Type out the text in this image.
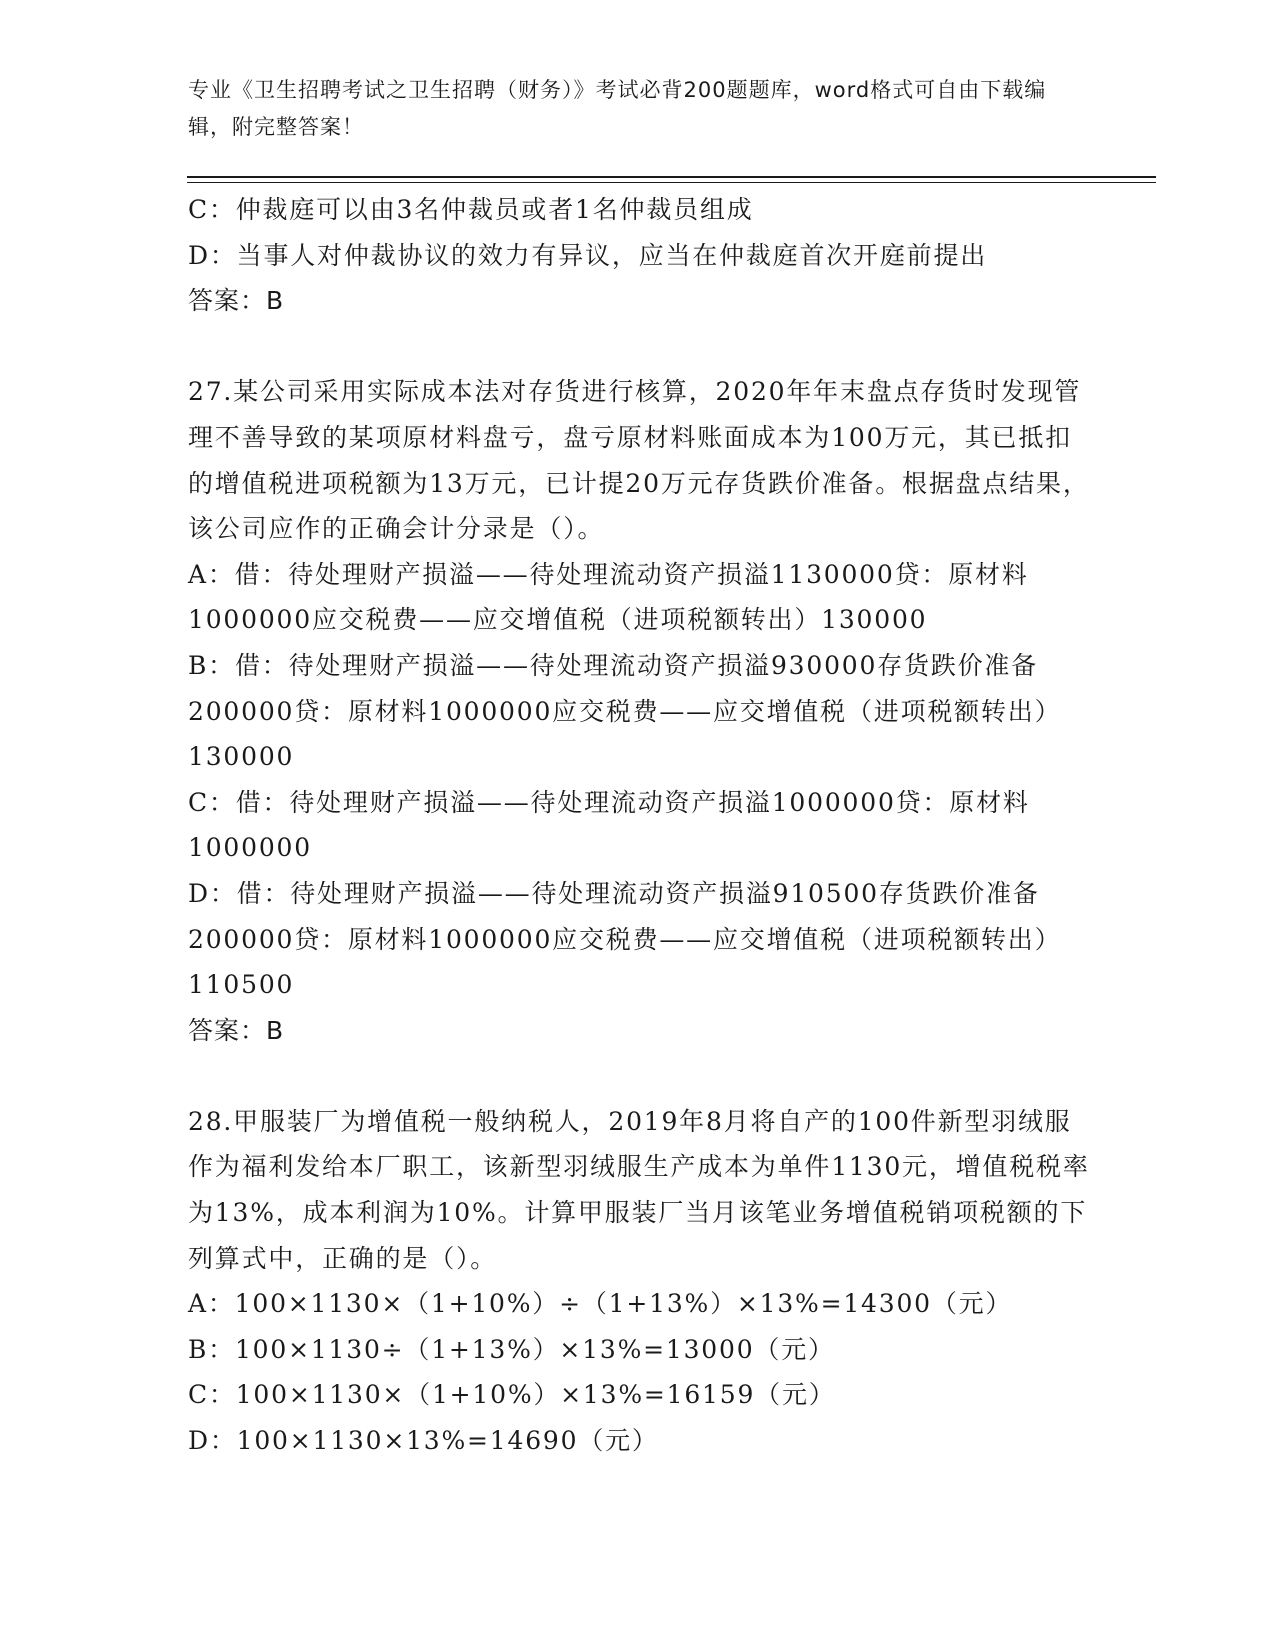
专业《卫生招聘考试之卫生招聘（财务）》考试必背200题题库，word格式可自由下载编辑，附完整答案！

C：仲裁庭可以由3名仲裁员或者1名仲裁员组成

D：当事人对仲裁协议的效力有异议，应当在仲裁庭首次开庭前提出

答案：B

27.某公司采用实际成本法对存货进行核算，2020年年末盘点存货时发现管理不善导致的某项原材料盘亏，盘亏原材料账面成本为100万元，其已抵扣的增值税进项税额为13万元，已计提20万元存货跌价准备。根据盘点结果，该公司应作的正确会计分录是（）。

A：借：待处理财产损溢——待处理流动资产损溢1130000贷：原材料1000000应交税费——应交增值税（进项税额转出）130000

B：借：待处理财产损溢——待处理流动资产损溢930000存货跌价准备200000贷：原材料1000000应交税费——应交增值税（进项税额转出）130000

C：借：待处理财产损溢——待处理流动资产损溢1000000贷：原材料1000000

D：借：待处理财产损溢——待处理流动资产损溢910500存货跌价准备200000贷：原材料1000000应交税费——应交增值税（进项税额转出）110500

答案：B

28.甲服装厂为增值税一般纳税人，2019年8月将自产的100件新型羽绒服作为福利发给本厂职工，该新型羽绒服生产成本为单件1130元，增值税税率为13%，成本利润为10%。计算甲服装厂当月该笔业务增值税销项税额的下列算式中，正确的是（）。

A：100×1130×（1+10%）÷（1+13%）×13%=14300（元）

B：100×1130÷（1+13%）×13%=13000（元）

C：100×1130×（1+10%）×13%=16159（元）

D：100×1130×13%=14690（元）
